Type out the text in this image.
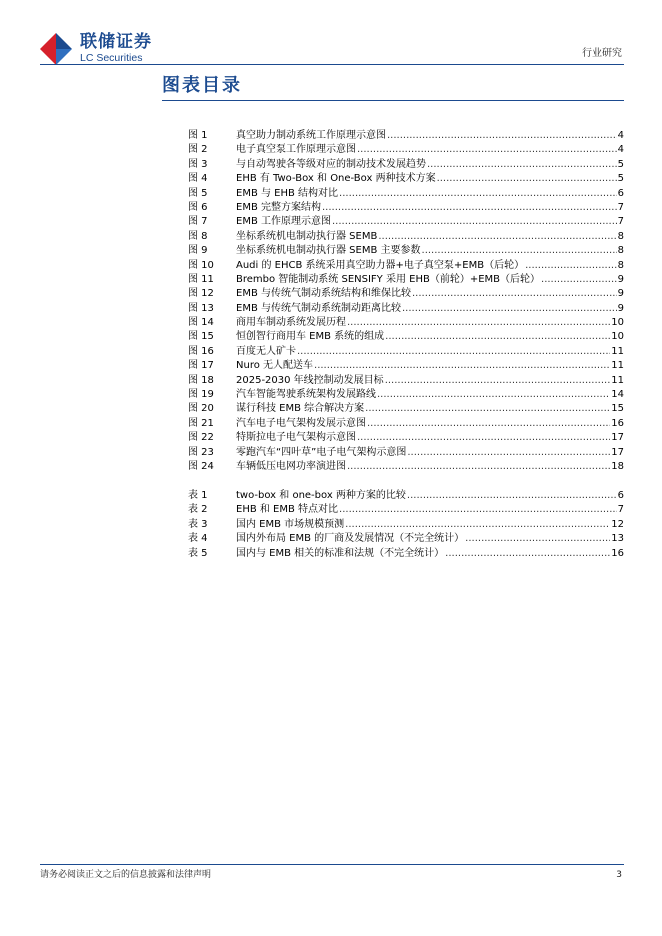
联储证券
LC Securities	行业研究
图表目录
图 1	真空助力制动系统工作原理示意图 .....	4
图 2	电子真空泵工作原理示意图 .....	4
图 3	与自动驾驶各等级对应的制动技术发展趋势 .....	5
图 4	EHB 有 Two-Box 和 One-Box 两种技术方案 .....	5
图 5	EMB 与 EHB 结构对比 .....	6
图 6	EMB 完整方案结构 .....	7
图 7	EMB 工作原理示意图 .....	7
图 8	坐标系统机电制动执行器 SEMB .....	8
图 9	坐标系统机电制动执行器 SEMB 主要参数 .....	8
图 10	Audi 的 EHCB 系统采用真空助力器+电子真空泵+EMB（后轮） .....	8
图 11	Brembo 智能制动系统 SENSIFY 采用 EHB（前轮）+EMB（后轮） .....	9
图 12	EMB 与传统气制动系统结构和维保比较 .....	9
图 13	EMB 与传统气制动系统制动距离比较 .....	9
图 14	商用车制动系统发展历程 .....	10
图 15	恒创智行商用车 EMB 系统的组成 .....	10
图 16	百度无人矿卡 .....	11
图 17	Nuro 无人配送车 .....	11
图 18	2025-2030 年线控制动发展目标 .....	11
图 19	汽车智能驾驶系统架构发展路线 .....	14
图 20	谋行科技 EMB 综合解决方案 .....	15
图 21	汽车电子电气架构发展示意图 .....	16
图 22	特斯拉电子电气架构示意图 .....	17
图 23	零跑汽车“四叶草”电子电气架构示意图 .....	17
图 24	车辆低压电网功率演进图 .....	18
表 1	two-box 和 one-box 两种方案的比较 .....	6
表 2	EHB 和 EMB 特点对比 .....	7
表 3	国内 EMB 市场规模预测 .....	12
表 4	国内外布局 EMB 的厂商及发展情况（不完全统计） .....	13
表 5	国内与 EMB 相关的标准和法规（不完全统计） .....	16
请务必阅读正文之后的信息披露和法律声明	3
